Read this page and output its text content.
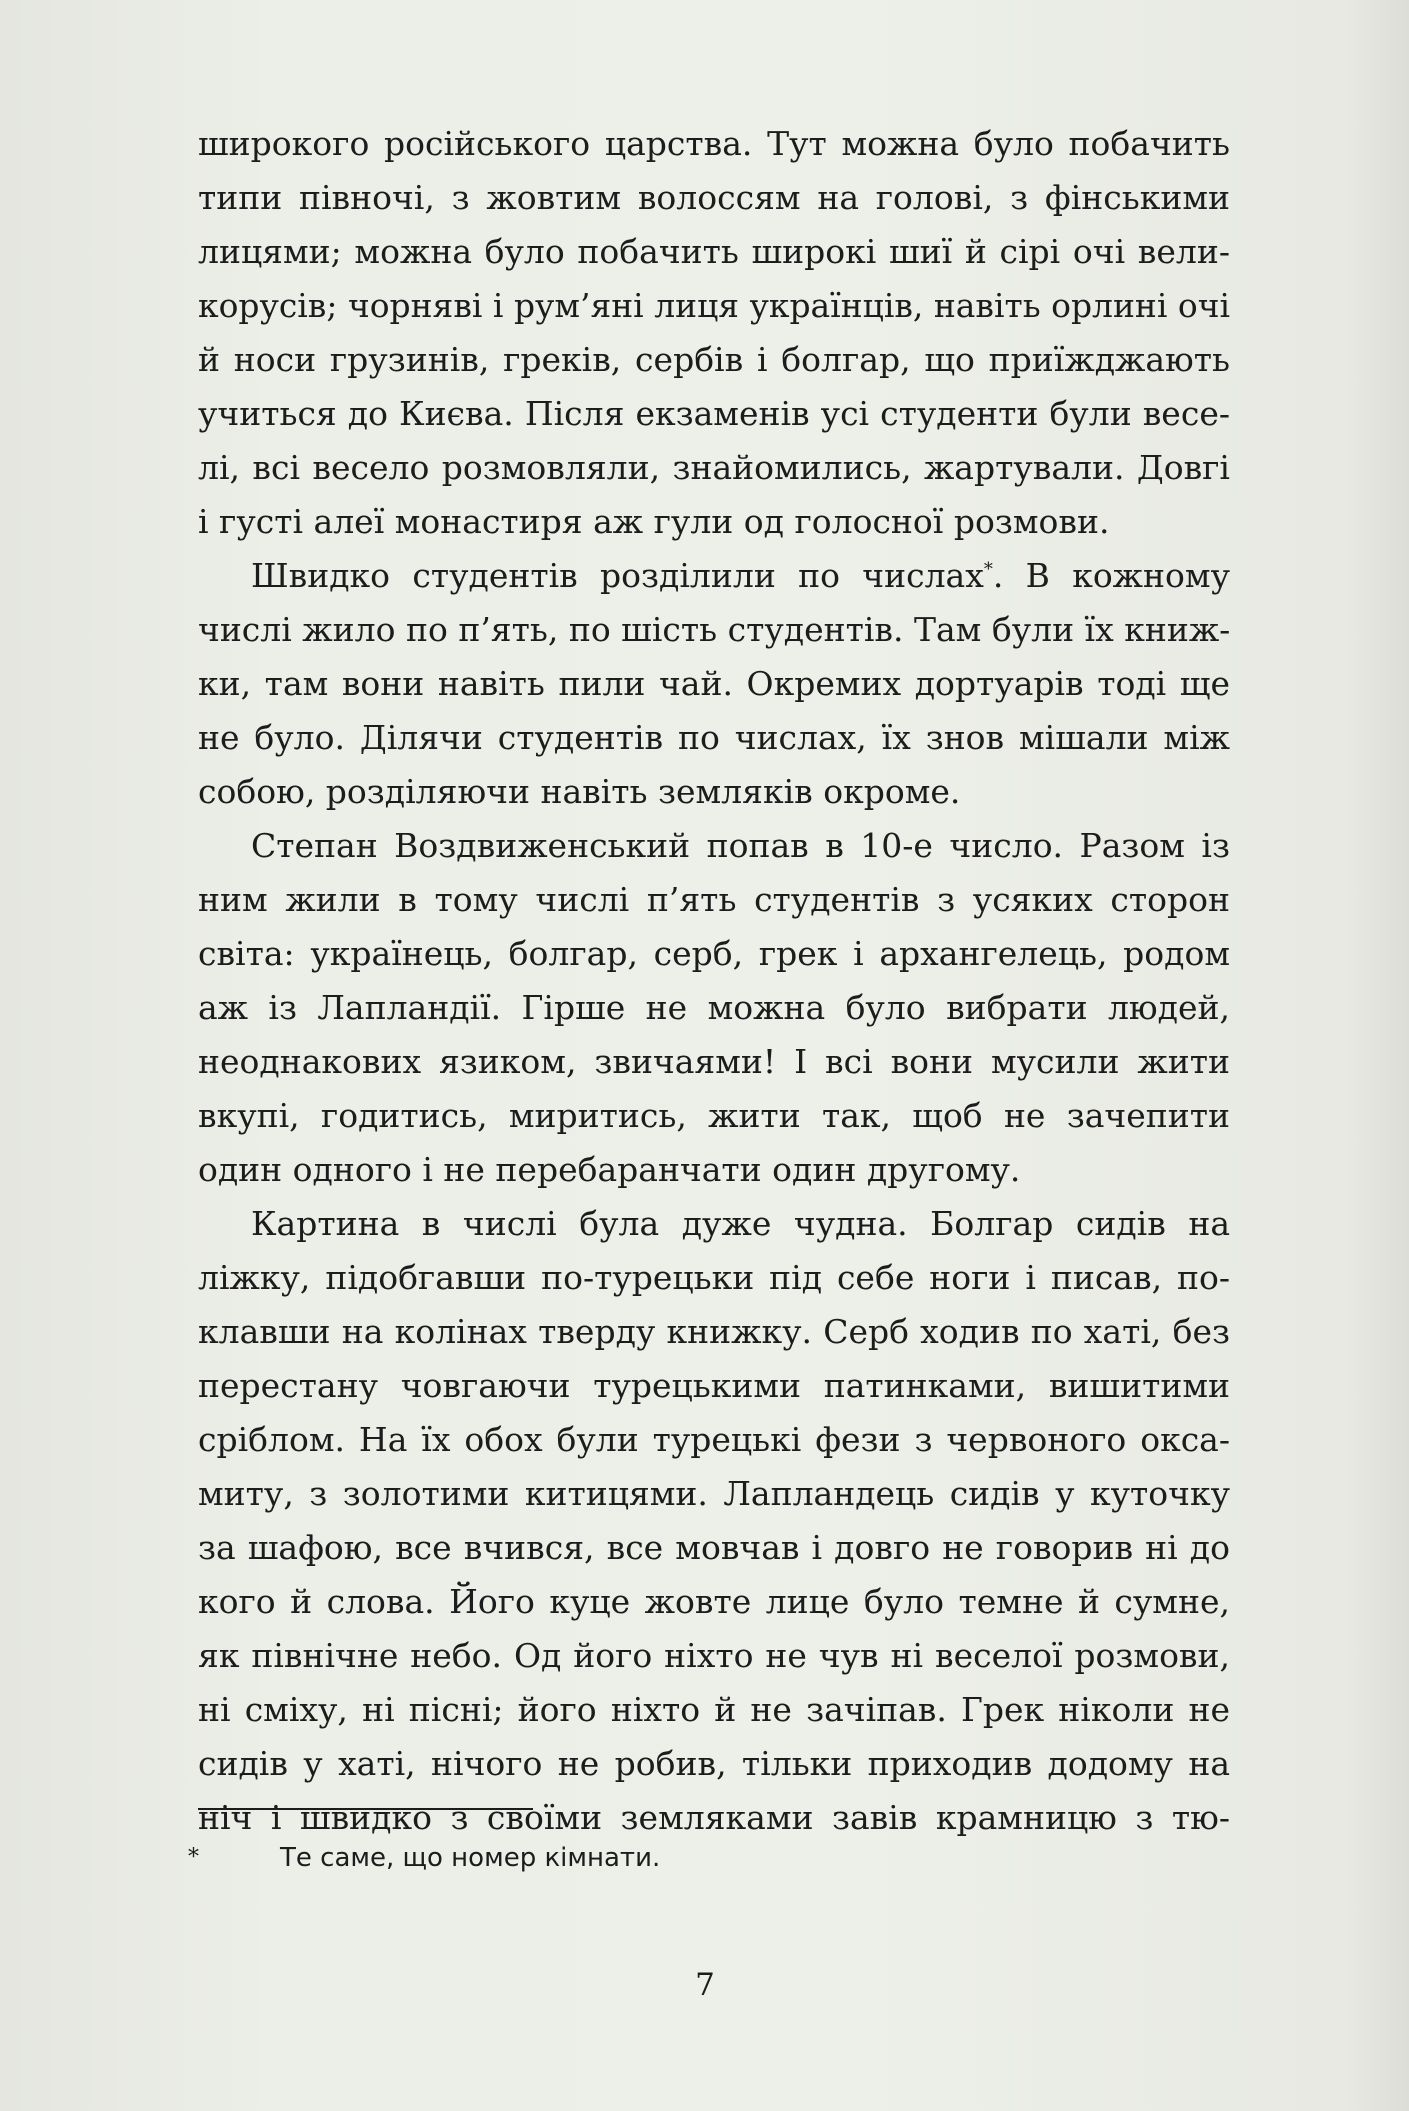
широкого російського царства. Тут можна було побачить
типи півночі, з жовтим волоссям на голові, з фінськими
лицями; можна було побачить широкі шиї й сірі очі вели-
корусів; чорняві і рум’яні лиця українців, навіть орлині очі
й носи грузинів, греків, сербів і болгар, що приїжджають
учиться до Києва. Після екзаменів усі студенти були весе-
лі, всі весело розмовляли, знайомились, жартували. Довгі
і густі алеї монастиря аж гули од голосної розмови.
Швидко студентів розділили по числах*. В кожному
числі жило по п’ять, по шість студентів. Там були їх книж-
ки, там вони навіть пили чай. Окремих дортуарів тоді ще
не було. Ділячи студентів по числах, їх знов мішали між
собою, розділяючи навіть земляків окроме.
Степан Воздвиженський попав в 10-е число. Разом із
ним жили в тому числі п’ять студентів з усяких сторон
світа: українець, болгар, серб, грек і архангелець, родом
аж із Лапландії. Гірше не можна було вибрати людей,
неоднакових язиком, звичаями! І всі вони мусили жити
вкупі, годитись, миритись, жити так, щоб не зачепити
один одного і не перебаранчати один другому.
Картина в числі була дуже чудна. Болгар сидів на
ліжку, підобгавши по-турецьки під себе ноги і писав, по-
клавши на колінах тверду книжку. Серб ходив по хаті, без
перестану човгаючи турецькими патинками, вишитими
сріблом. На їх обох були турецькі фези з червоного окса-
миту, з золотими китицями. Лапландець сидів у куточку
за шафою, все вчився, все мовчав і довго не говорив ні до
кого й слова. Його куце жовте лице було темне й сумне,
як північне небо. Од його ніхто не чув ні веселої розмови,
ні сміху, ні пісні; його ніхто й не зачіпав. Грек ніколи не
сидів у хаті, нічого не робив, тільки приходив додому на
ніч і швидко з своїми земляками завів крамницю з тю-
*	Те саме, що номер кімнати.
7
